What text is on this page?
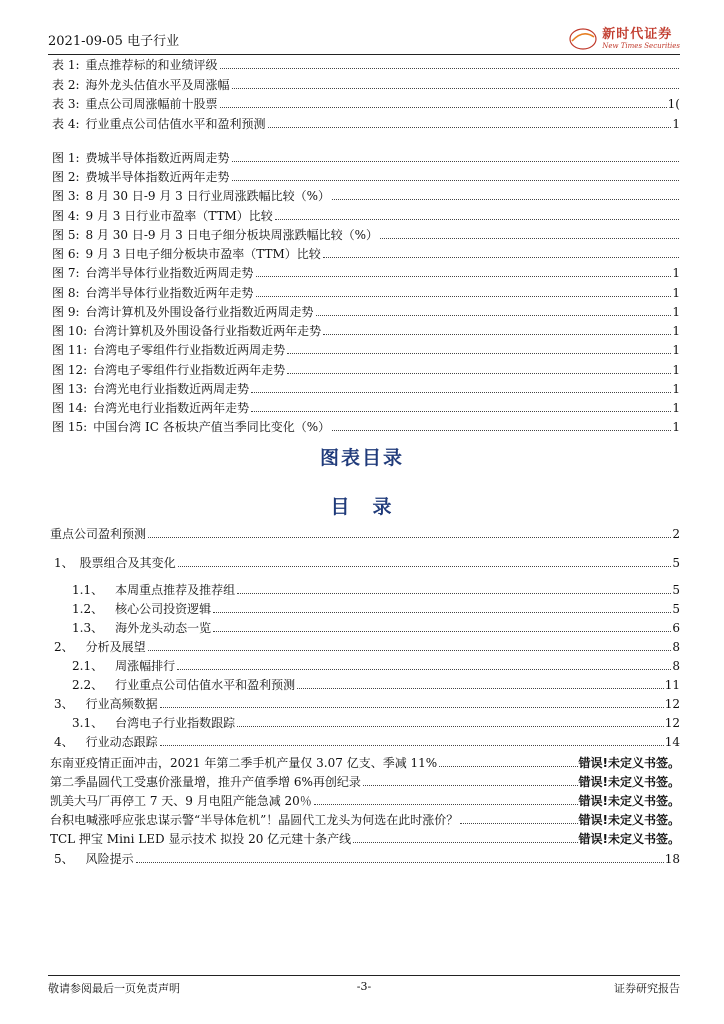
2021-09-05 电子行业	新时代证券
New Times Securities
表 1: 重点推荐标的和业绩评级
表 2: 海外龙头估值水平及周涨幅
表 3: 重点公司周涨幅前十股票	1(
表 4: 行业重点公司估值水平和盈利预测	1
图 1: 费城半导体指数近两周走势
图 2: 费城半导体指数近两年走势
图 3: 8 月 30 日-9 月 3 日行业周涨跌幅比较（%）
图 4: 9 月 3 日行业市盈率（TTM）比较
图 5: 8 月 30 日-9 月 3 日电子细分板块周涨跌幅比较（%）
图 6: 9 月 3 日电子细分板块市盈率（TTM）比较
图 7: 台湾半导体行业指数近两周走势	1
图 8: 台湾半导体行业指数近两年走势	1
图 9: 台湾计算机及外围设备行业指数近两周走势	1
图 10: 台湾计算机及外围设备行业指数近两年走势	1
图 11: 台湾电子零组件行业指数近两周走势	1
图 12: 台湾电子零组件行业指数近两年走势	1
图 13: 台湾光电行业指数近两周走势	1
图 14: 台湾光电行业指数近两年走势	1
图 15: 中国台湾 IC 各板块产值当季同比变化（%）	1
图表目录
目　录
重点公司盈利预测	2
1、 股票组合及其变化	5
1.1、 本周重点推荐及推荐组	5
1.2、 核心公司投资逻辑	5
1.3、 海外龙头动态一览	6
2、 分析及展望	8
2.1、 周涨幅排行	8
2.2、 行业重点公司估值水平和盈利预测	11
3、 行业高频数据	12
3.1、 台湾电子行业指数跟踪	12
4、 行业动态跟踪	14
东南亚疫情正面冲击，2021 年第二季手机产量仅 3.07 亿支、季减 11%	错误!未定义书签。
第二季晶圆代工受惠价涨量增，推升产值季增 6%再创纪录	错误!未定义书签。
凯美大马厂再停工 7 天、9 月电阻产能急减 20％	错误!未定义书签。
台积电喊涨呼应张忠谋示警“半导体危机”！晶圆代工龙头为何选在此时涨价？	错误!未定义书签。
TCL 押宝 Mini LED 显示技术 拟投 20 亿元建十条产线	错误!未定义书签。
5、 风险提示	18
敬请参阅最后一页免责声明	-3-	证券研究报告
